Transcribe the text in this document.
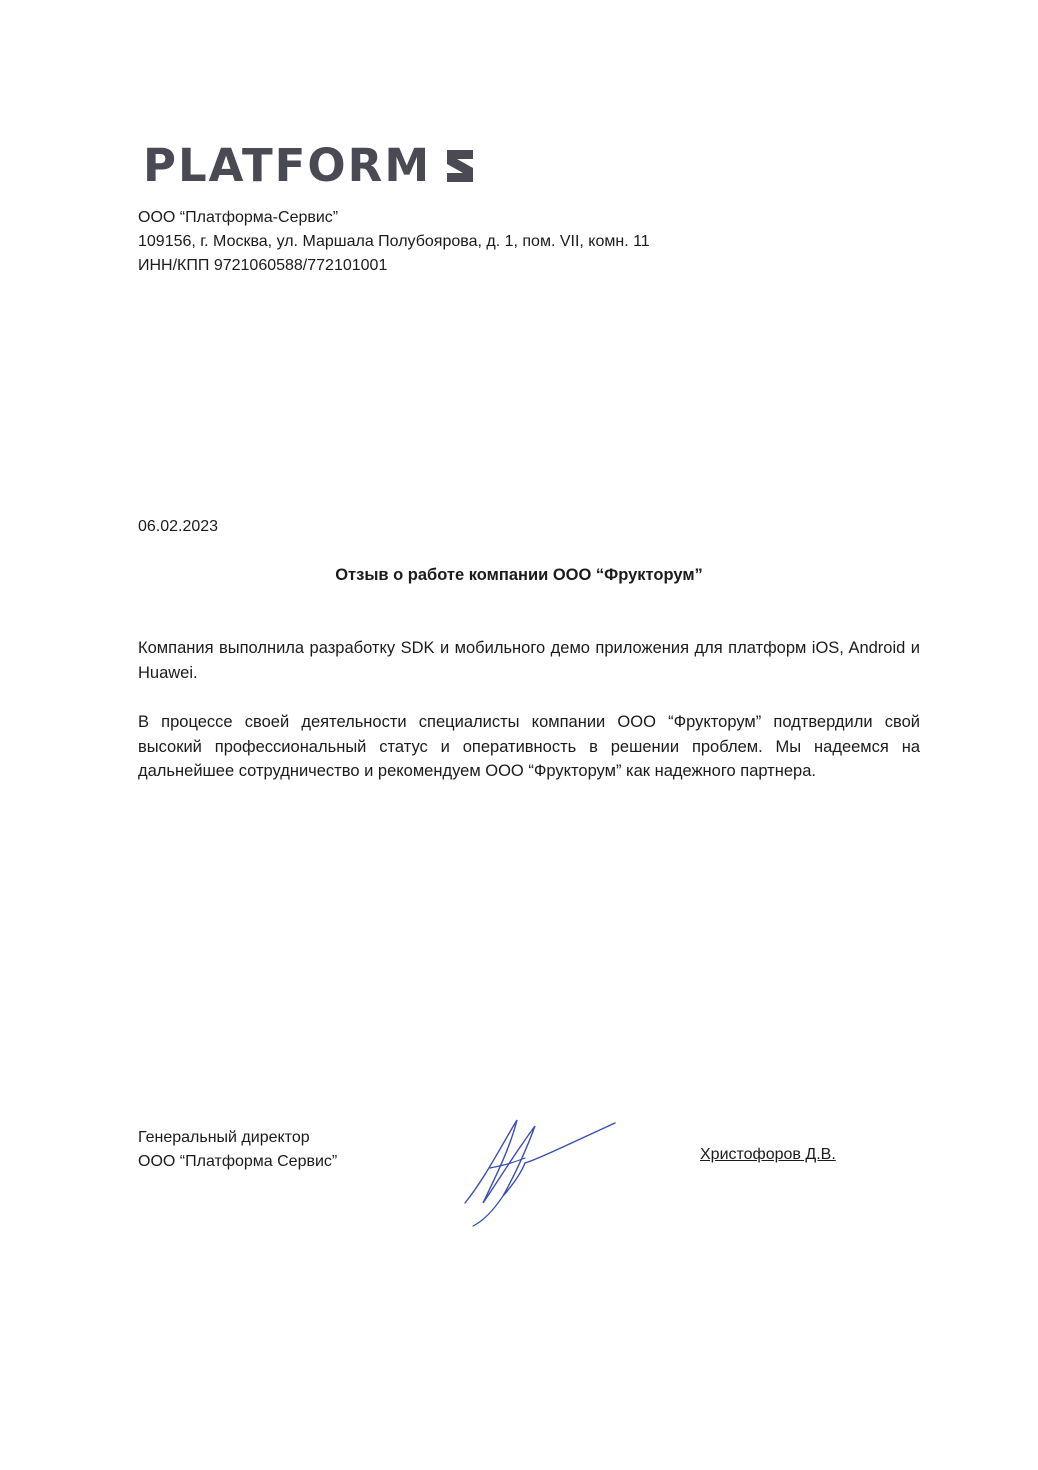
PLATFORM
ООО “Платформа-Сервис”
109156, г. Москва, ул. Маршала Полубоярова, д. 1, пом. VII, комн. 11
ИНН/КПП 9721060588/772101001
06.02.2023
Отзыв о работе компании ООО “Фрукторум”
Компания выполнила разработку SDK и мобильного демо приложения для платформ iOS, Android и Huawei.
В процессе своей деятельности специалисты компании ООО “Фрукторум” подтвердили свой высокий профессиональный статус и оперативность в решении проблем. Мы надеемся на дальнейшее сотрудничество и рекомендуем ООО “Фрукторум” как надежного партнера.
Генеральный директор
ООО “Платформа Сервис”	Христофоров Д.В.
